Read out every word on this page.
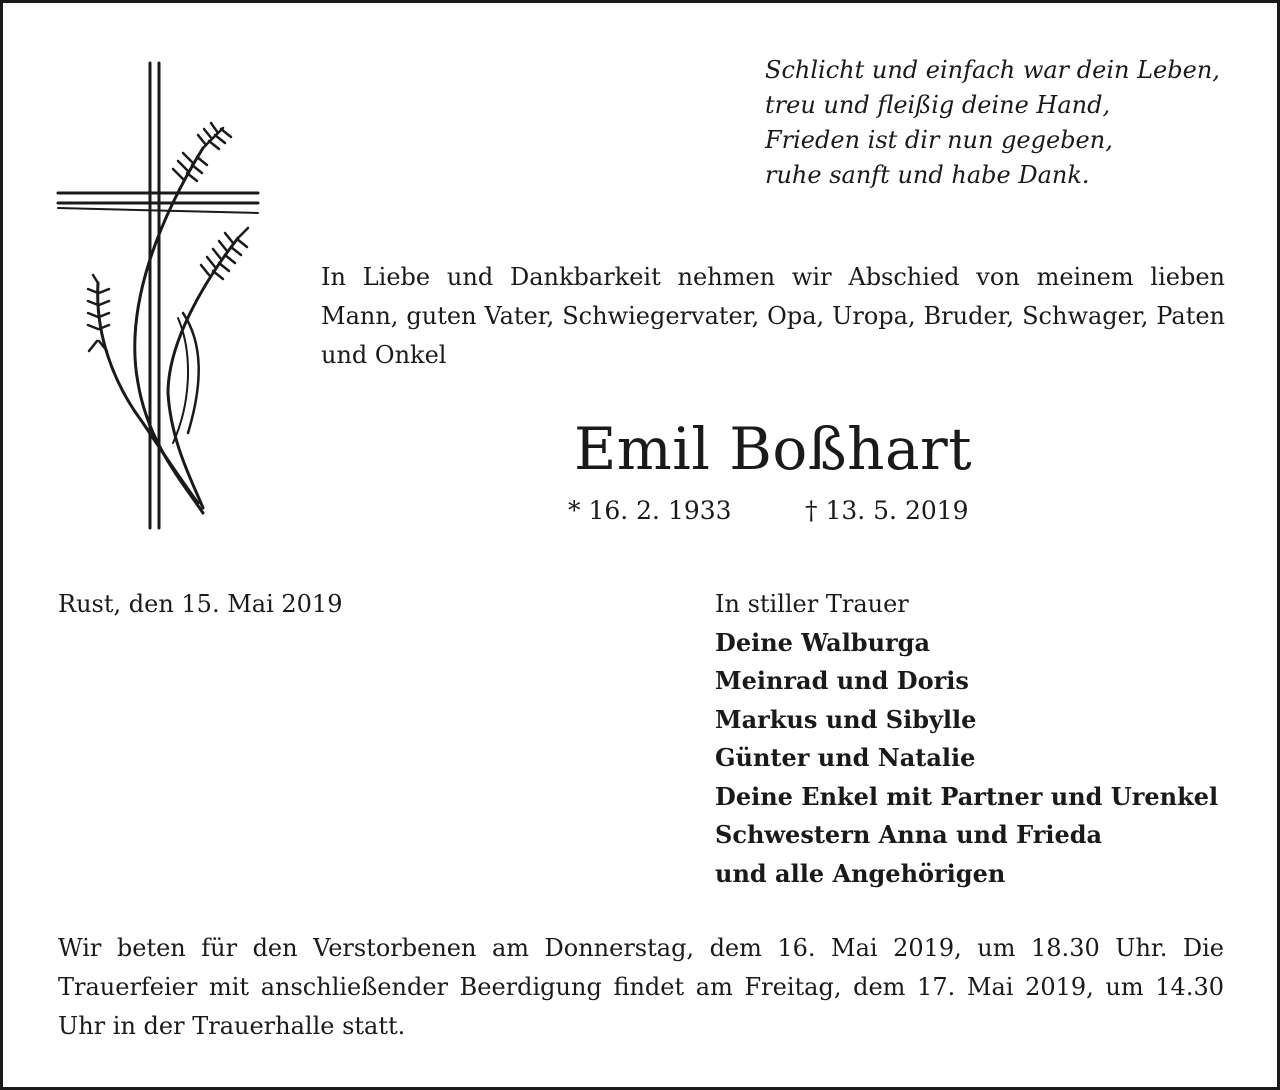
Schlicht und einfach war dein Leben,
treu und fleißig deine Hand,
Frieden ist dir nun gegeben,
ruhe sanft und habe Dank.

In Liebe und Dankbarkeit nehmen wir Abschied von meinem lieben Mann, guten Vater, Schwiegervater, Opa, Uropa, Bruder, Schwager, Paten und Onkel

Emil Boßhart
* 16. 2. 1933	† 13. 5. 2019
Rust, den 15. Mai 2019	In stiller Trauer
Deine Walburga
Meinrad und Doris
Markus und Sibylle
Günter und Natalie
Deine Enkel mit Partner und Urenkel
Schwestern Anna und Frieda
und alle Angehörigen

Wir beten für den Verstorbenen am Donnerstag, dem 16. Mai 2019, um 18.30 Uhr. Die Trauerfeier mit anschließender Beerdigung findet am Freitag, dem 17. Mai 2019, um 14.30 Uhr in der Trauerhalle statt.
